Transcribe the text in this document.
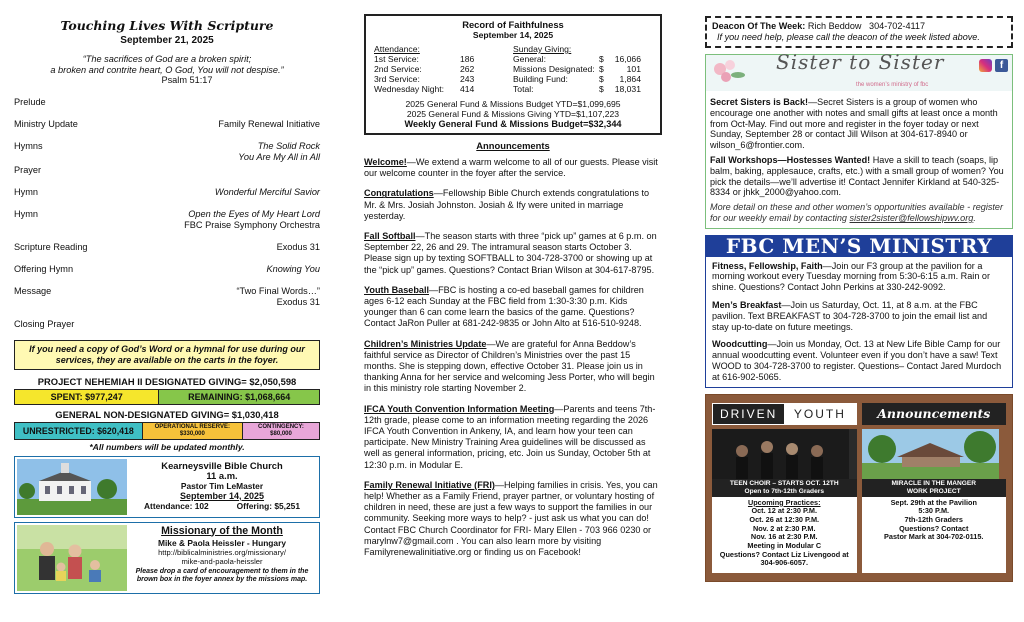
Touching Lives With Scripture
September 21, 2025
“The sacrifices of God are a broken spirit;
a broken and contrite heart, O God, You will not despise.”
Psalm 51:17
Prelude
Ministry Update	Family Renewal Initiative
Hymns	The Solid Rock
You Are My All in All
Prayer
Hymn	Wonderful Merciful Savior
Hymn	Open the Eyes of My Heart Lord
FBC Praise Symphony Orchestra
Scripture Reading	Exodus 31
Offering Hymn	Knowing You
Message	“Two Final Words…”
Exodus 31
Closing Prayer
If you need a copy of God’s Word or a hymnal for use during our services, they are available on the carts in the foyer.
PROJECT NEHEMIAH II DESIGNATED GIVING= $2,050,598
SPENT: $977,247	REMAINING: $1,068,664
GENERAL NON-DESIGNATED GIVING= $1,030,418
UNRESTRICTED: $620,418	OPERATIONAL RESERVE:
$330,000
CONTINGENCY:
$80,000
*All numbers will be updated monthly.
Kearneysville Bible Church
11 a.m.
Pastor Tim LeMaster
September 14, 2025
Attendance: 102	Offering: $5,251
Missionary of the Month
Mike & Paola Heissler - Hungary
http://biblicalministries.org/missionary/
mike-and-paola-heissler
Please drop a card of encouragement to them in the brown box in the foyer annex by the missions map.
Record of Faithfulness
September 14, 2025
Attendance:
1st Service:	186
2nd Service:	262
3rd Service:	243
Wednesday Night:	414
Sunday Giving:
General:	$	16,066
Missions Designated: $	101
Building Fund:	$	1,864
Total:	$	18,031
2025 General Fund & Missions Budget YTD=$1,099,695
2025 General Fund & Missions Giving YTD=$1,107,223
Weekly General Fund & Missions Budget=$32,344
Announcements

Welcome!—We extend a warm welcome to all of our guests. Please visit our welcome counter in the foyer after the service.

Congratulations—Fellowship Bible Church extends congratulations to Mr. & Mrs. Josiah Johnston. Josiah & Ify were united in marriage yesterday.

Fall Softball—The season starts with three “pick up” games at 6 p.m. on September 22, 26 and 29. The intramural season starts October 3. Please sign up by texting SOFTBALL to 304-728-3700 or showing up at the “pick up” games. Questions? Contact Brian Wilson at 304-617-8795.

Youth Baseball—FBC is hosting a co-ed baseball games for children ages 6-12 each Sunday at the FBC field from 1:30-3:30 p.m. Kids younger than 6 can come learn the basics of the game. Questions? Contact JaRon Puller at 681-242-9835 or John Alto at 516-510-9248.

Children’s Ministries Update—We are grateful for Anna Beddow’s faithful service as Director of Children’s Ministries over the past 15 months. She is stepping down, effective October 31. Please join us in thanking Anna for her service and welcoming Jess Porter, who will begin in this ministry role starting November 2.

IFCA Youth Convention Information Meeting—Parents and teens 7th-12th grade, please come to an information meeting regarding the 2026 IFCA Youth Convention in Ankeny, IA, and learn how your teen can participate. New Ministry Training Area guidelines will be discussed as well as general information, pricing, etc. Join us Sunday, October 5th at 12:30 p.m. in Modular E.

Family Renewal Initiative (FRI)—Helping families in crisis. Yes, you can help! Whether as a Family Friend, prayer partner, or voluntary hosting of children in need, these are just a few ways to support the families in our community. Seeking more ways to help? - just ask us what you can do! Contact FBC Church Coordinator for FRI- Mary Ellen - 703 966 0230 or marylnw7@gmail.com . You can also learn more by visiting Familyrenewalinitiative.org or finding us on Facebook!

Deacon Of The Week: Rich Beddow 304-702-4117
If you need help, please call the deacon of the week listed above.
Sister to Sister
the women’s ministry of fbc
f

Secret Sisters is Back!—Secret Sisters is a group of women who encourage one another with notes and small gifts at least once a month from Oct-May. Find out more and register in the foyer today or next Sunday, September 28 or contact Jill Wilson at 304-617-8940 or wilson_6@frontier.com.

Fall Workshops—Hostesses Wanted! Have a skill to teach (soaps, lip balm, baking, applesauce, crafts, etc.) with a small group of women? You pick the details—we’ll advertise it! Contact Jennifer Kirkland at 540-325-8334 or jhkk_2000@yahoo.com.

More detail on these and other women’s opportunities available - register for our weekly email by contacting sister2sister@fellowshipwv.org.

FBC MEN’S MINISTRY

Fitness, Fellowship, Faith—Join our F3 group at the pavilion for a morning workout every Tuesday morning from 5:30-6:15 a.m. Rain or shine. Questions? Contact John Perkins at 330-242-9092.

Men’s Breakfast—Join us Saturday, Oct. 11, at 8 a.m. at the FBC pavilion. Text BREAKFAST to 304-728-3700 to join the email list and stay up-to-date on future meetings.

Woodcutting—Join us Monday, Oct. 13 at New Life Bible Camp for our annual woodcutting event. Volunteer even if you don’t have a saw! Text WOOD to 304-728-3700 to register. Questions– Contact Jared Murdoch at 616-902-5065.

DRIVEN	YOUTH
TEEN CHOIR – STARTS OCT. 12TH
Open to 7th-12th Graders
Upcoming Practices:
Oct. 12 at 2:30 P.M.
Oct. 26 at 12:30 P.M.
Nov. 2 at 2:30 P.M.
Nov. 16 at 2:30 P.M.
Meeting in Modular C
Questions? Contact Liz Livengood at 304-906-6057.
Announcements
MIRACLE IN THE MANGER
WORK PROJECT
Sept. 29th at the Pavilion
5:30 P.M.
7th-12th Graders
Questions? Contact
Pastor Mark at 304-702-0115.
